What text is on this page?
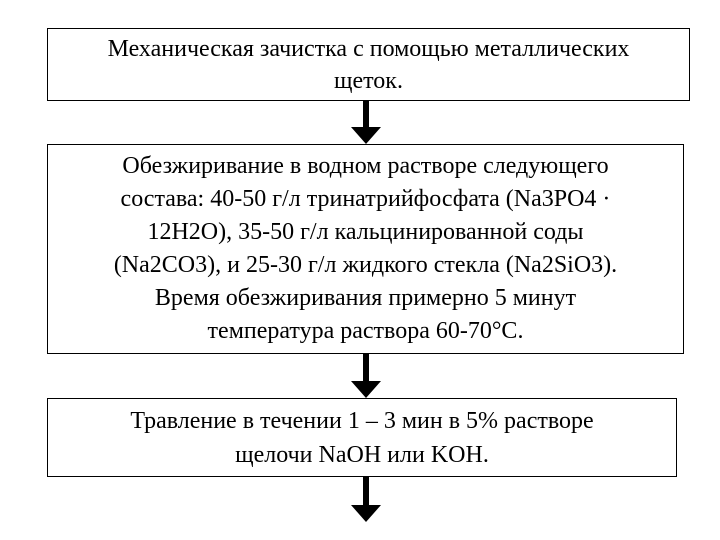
Механическая зачистка с помощью металлических
щеток.
Обезжиривание в водном растворе следующего
состава: 40-50 г/л тринатрийфосфата (Na3PO4 ·
12H2O), 35-50 г/л кальцинированной соды
(Na2CO3), и 25-30 г/л жидкого стекла (Na2SiO3).
Время обезжиривания примерно 5 минут
температура раствора 60-70°С.
Травление в течении 1 – 3 мин в 5% растворе
щелочи NaOH или KOH.
